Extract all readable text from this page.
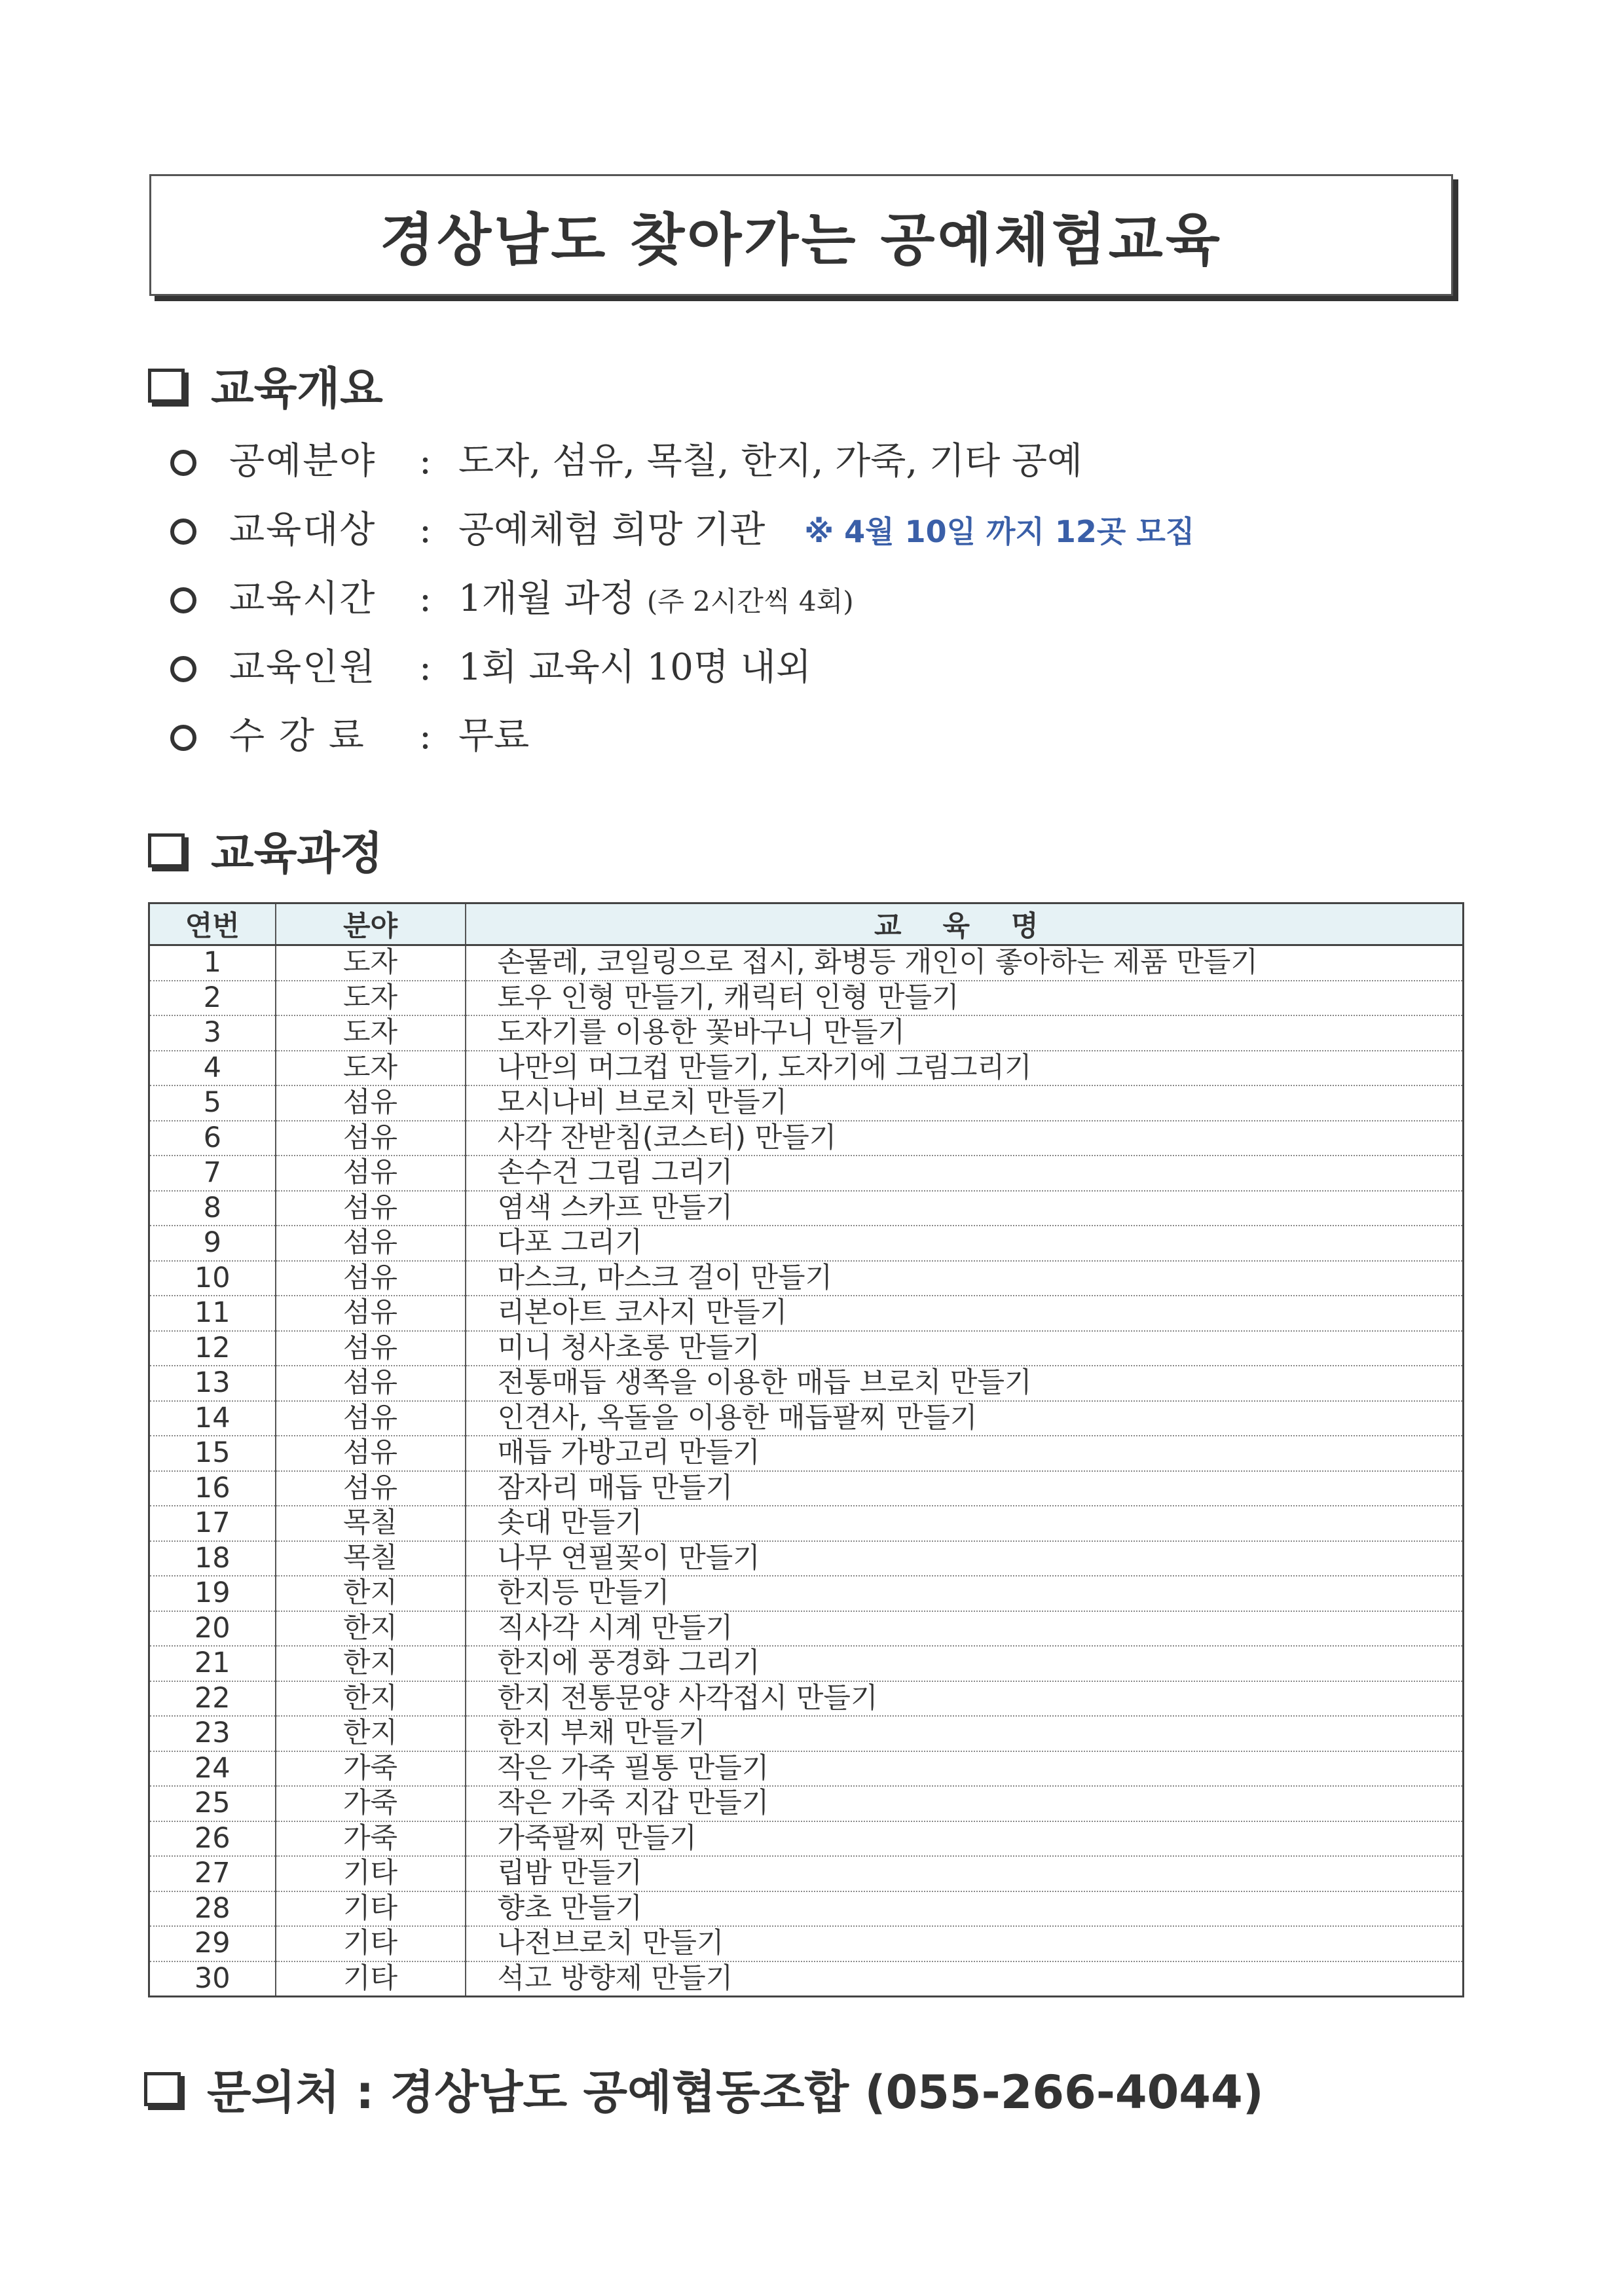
경상남도 찾아가는 공예체험교육
교육개요
공예분야	: 도자, 섬유, 목칠, 한지, 가죽, 기타 공예
교육대상	: 공예체험 희망 기관 ※ 4월 10일 까지 12곳 모집
교육시간	: 1개월 과정 (주 2시간씩 4회)
교육인원	: 1회 교육시 10명 내외
수 강 료	: 무료
교육과정
연번	분야	교 육 명
1	도자	손물레, 코일링으로 접시, 화병등 개인이 좋아하는 제품 만들기
2	도자	토우 인형 만들기, 캐릭터 인형 만들기
3	도자	도자기를 이용한 꽃바구니 만들기
4	도자	나만의 머그컵 만들기, 도자기에 그림그리기
5	섬유	모시나비 브로치 만들기
6	섬유	사각 잔받침(코스터) 만들기
7	섬유	손수건 그림 그리기
8	섬유	염색 스카프 만들기
9	섬유	다포 그리기
10	섬유	마스크, 마스크 걸이 만들기
11	섬유	리본아트 코사지 만들기
12	섬유	미니 청사초롱 만들기
13	섬유	전통매듭 생쪽을 이용한 매듭 브로치 만들기
14	섬유	인견사, 옥돌을 이용한 매듭팔찌 만들기
15	섬유	매듭 가방고리 만들기
16	섬유	잠자리 매듭 만들기
17	목칠	솟대 만들기
18	목칠	나무 연필꽂이 만들기
19	한지	한지등 만들기
20	한지	직사각 시계 만들기
21	한지	한지에 풍경화 그리기
22	한지	한지 전통문양 사각접시 만들기
23	한지	한지 부채 만들기
24	가죽	작은 가죽 필통 만들기
25	가죽	작은 가죽 지갑 만들기
26	가죽	가죽팔찌 만들기
27	기타	립밤 만들기
28	기타	향초 만들기
29	기타	나전브로치 만들기
30	기타	석고 방향제 만들기
문의처 : 경상남도 공예협동조합 (055-266-4044)
